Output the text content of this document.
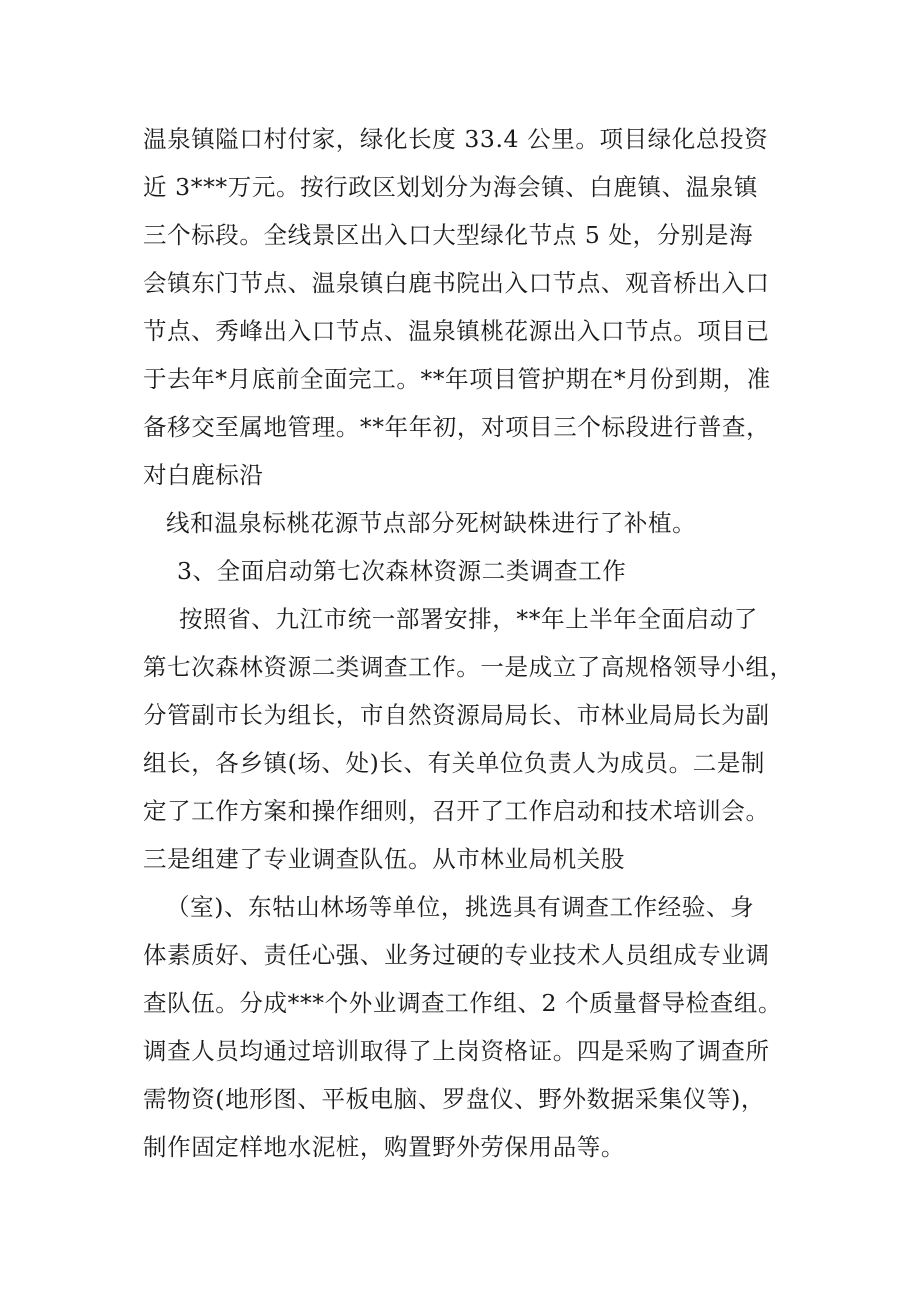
温泉镇隘口村付家，绿化长度 33.4 公里。项目绿化总投资

近 3***万元。按行政区划划分为海会镇、白鹿镇、温泉镇

三个标段。全线景区出入口大型绿化节点 5 处，分别是海

会镇东门节点、温泉镇白鹿书院出入口节点、观音桥出入口

节点、秀峰出入口节点、温泉镇桃花源出入口节点。项目已

于去年*月底前全面完工。**年项目管护期在*月份到期，准

备移交至属地管理。**年年初，对项目三个标段进行普查，

对白鹿标沿

线和温泉标桃花源节点部分死树缺株进行了补植。

3、全面启动第七次森林资源二类调查工作

按照省、九江市统一部署安排，**年上半年全面启动了

第七次森林资源二类调查工作。一是成立了高规格领导小组，

分管副市长为组长，市自然资源局局长、市林业局局长为副

组长，各乡镇(场、处)长、有关单位负责人为成员。二是制

定了工作方案和操作细则，召开了工作启动和技术培训会。

三是组建了专业调查队伍。从市林业局机关股

（室)、东牯山林场等单位，挑选具有调查工作经验、身

体素质好、责任心强、业务过硬的专业技术人员组成专业调

查队伍。分成***个外业调查工作组、2 个质量督导检查组。

调查人员均通过培训取得了上岗资格证。四是采购了调查所

需物资(地形图、平板电脑、罗盘仪、野外数据采集仪等)，

制作固定样地水泥桩，购置野外劳保用品等。
